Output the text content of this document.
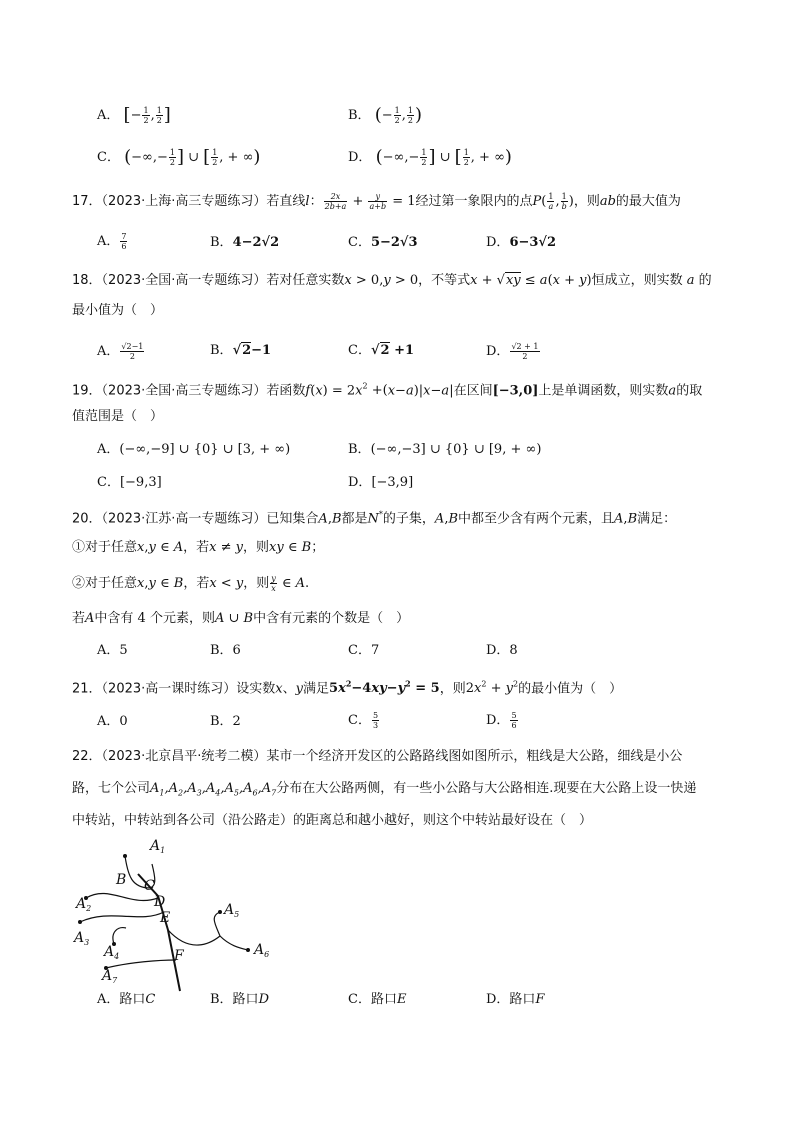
A． [− $\frac{1}{2}$ , $\frac{1}{2}$ ]	B． (− $\frac{1}{2}$ , $\frac{1}{2}$ )
C． (−∞,− $\frac{1}{2}$ ] ∪ [ $\frac{1}{2}$ , + ∞)	D． (−∞,− $\frac{1}{2}$ ] ∪ [ $\frac{1}{2}$ , + ∞)
17．（2023·上海·高三专题练习）若直线l： $\frac{2x}{2b+a} + \frac{y}{a+b} = 1$经过第一象限内的点$P( \frac{1}{a}$ , $\frac{1}{b}$ )，则ab的最大值为
A． $\frac{7}{6}$	B．4−2√2	C．5−2√3	D．6−3√2
18．（2023·全国·高一专题练习）若对任意实数x > 0,y > 0，不等式x + √xy ≤ a(x + y)恒成立，则实数 a 的
最小值为（　）
A． $\frac{√2-1}{2}$	B．√2−1	C．√2 +1	D． $\frac{√2 + 1}{2}$
19．（2023·全国·高三专题练习）若函数$f(x) = 2x^2 +(x-a)|x-a|$在区间[−3,0]上是单调函数，则实数a的取
值范围是（　）
A．(−∞,−9] ∪ {0} ∪ [3, + ∞)	B．(−∞,−3] ∪ {0} ∪ [9, + ∞)
C．[−9,3]	D．[−3,9]
20．（2023·江苏·高一专题练习）已知集合A,B都是N*的子集，A,B中都至少含有两个元素，且A,B满足：
①对于任意x,y ∈ A，若x ≠ y，则xy ∈ B；
②对于任意x,y ∈ B，若x < y，则 $\frac{y}{x}$ ∈ A.
若A中含有 4 个元素，则A ∪ B中含有元素的个数是（　）
A．5	B．6	C．7	D．8
21．（2023·高一课时练习）设实数x、y满足$5x^2-4xy-y^2 = 5$，则$2x^2 + y^2$的最小值为（　）
A．0	B．2	C． $\frac{5}{3}$	D． $\frac{5}{6}$
22．（2023·北京昌平·统考二模）某市一个经济开发区的公路路线图如图所示，粗线是大公路，细线是小公
路，七个公司$A_1,A_2,A_3,A_4,A_5,A_6,A_7$分布在大公路两侧，有一些小公路与大公路相连.现要在大公路上设一快递
中转站，中转站到各公司（沿公路走）的距离总和越小越好，则这个中转站最好设在（　）
$A_1$
B C
D
E
$A_2$
$A_3$
$A_4$
$A_5$
$A_6$
F
$A_7$
A．路口C	B．路口D	C．路口E	D．路口F
